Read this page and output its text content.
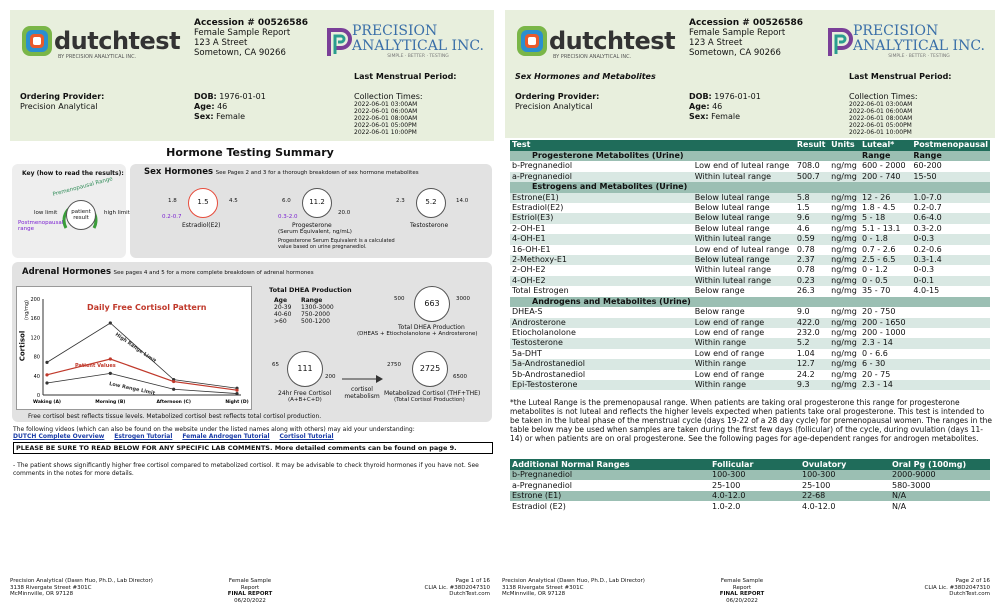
dutchtest
BY PRECISION ANALYTICAL INC.
Accession # 00526586
Female Sample Report
123 A Street
Sometown, CA 90266
PRECISION
ANALYTICAL INC.
SIMPLE · BETTER · TESTING
Last Menstrual Period:
Ordering Provider:
Precision Analytical
DOB: 1976-01-01
Age: 46
Sex: Female
Collection Times:
2022-06-01 03:00AM
2022-06-01 06:00AM
2022-06-01 08:00AM
2022-06-01 05:00PM
2022-06-01 10:00PM
Hormone Testing Summary
Key (how to read the results):
Premenopausal Range
patient result
low limit	high limit
Postmenopausal range
Sex Hormones See Pages 2 and 3 for a thorough breakdown of sex hormone metabolites
1.5
1.8	4.5
0.2-0.7
Estradiol(E2)
11.2
6.0
20.0
0.3-2.0
Progesterone
(Serum Equivalent, ng/mL)
Progesterone Serum Equivalent is a calculated value based on urine pregnanediol.
5.2
2.3	14.0
Testosterone
Adrenal Hormones See pages 4 and 5 for a more complete breakdown of adrenal hormones
Total DHEA Production
Age	Range
20-39	1300-3000
40-60	750-2000
>60	500-1200
663
500	3000
Total DHEA Production
(DHEAS + Etiocholanolone + Androsterone)
111
65
200
24hr Free Cortisol
(A+B+C+D)
cortisol metabolism
2725
2750
6500
Metabolized Cortisol (THF+THE)
(Total Cortisol Production)
Free cortisol best reflects tissue levels. Metabolized cortisol best reflects total cortisol production.
Daily Free Cortisol Pattern
Cortisol
(ng/mg)
200
160
120
80
40
0
Waking (A)	Morning (B)	Afternoon (C)	Night (D)
High Range Limit
Patient Values
Low Range Limit
The following videos (which can also be found on the website under the listed names along with others) may aid your understanding:
DUTCH Complete Overview Estrogen Tutorial Female Androgen Tutorial Cortisol Tutorial
PLEASE BE SURE TO READ BELOW FOR ANY SPECIFIC LAB COMMENTS. More detailed comments can be found on page 9.
- The patient shows significantly higher free cortisol compared to metabolized cortisol. It may be advisable to check thyroid hormones if you have not. See comments in the notes for more details.
Precision Analytical (Dawn Huo, Ph.D., Lab Director)
3138 Rivergate Street #301C
McMinnville, OR 97128
Female Sample Report
FINAL REPORT
06/20/2022
Page 1 of 16
CLIA Lic. #38D2047310
DutchTest.com
dutchtest
BY PRECISION ANALYTICAL INC.
Accession # 00526586
Female Sample Report
123 A Street
Sometown, CA 90266
PRECISION
ANALYTICAL INC.
SIMPLE · BETTER · TESTING
Sex Hormones and Metabolites	Last Menstrual Period:
Ordering Provider:
Precision Analytical
DOB: 1976-01-01
Age: 46
Sex: Female
Collection Times:
2022-06-01 03:00AM
2022-06-01 06:00AM
2022-06-01 08:00AM
2022-06-01 05:00PM
2022-06-01 10:00PM
Test		Result	Units	Luteal*	Postmenopausal
Progesterone Metabolites (Urine)				Range	Range
b-Pregnanediol	Low end of luteal range	708.0	ng/mg	600 - 2000	60-200
a-Pregnanediol	Within luteal range	500.7	ng/mg	200 - 740	15-50
Estrogens and Metabolites (Urine)					
Estrone(E1)	Below luteal range	5.8	ng/mg	12 - 26	1.0-7.0
Estradiol(E2)	Below luteal range	1.5	ng/mg	1.8 - 4.5	0.2-0.7
Estriol(E3)	Below luteal range	9.6	ng/mg	5 - 18	0.6-4.0
2-OH-E1	Below luteal range	4.6	ng/mg	5.1 - 13.1	0.3-2.0
4-OH-E1	Within luteal range	0.59	ng/mg	0 - 1.8	0-0.3
16-OH-E1	Low end of luteal range	0.78	ng/mg	0.7 - 2.6	0.2-0.6
2-Methoxy-E1	Below luteal range	2.37	ng/mg	2.5 - 6.5	0.3-1.4
2-OH-E2	Within luteal range	0.78	ng/mg	0 - 1.2	0-0.3
4-OH-E2	Within luteal range	0.23	ng/mg	0 - 0.5	0-0.1
Total Estrogen	Below range	26.3	ng/mg	35 - 70	4.0-15
Androgens and Metabolites (Urine)					
DHEA-S	Below range	9.0	ng/mg	20 - 750	
Androsterone	Low end of range	422.0	ng/mg	200 - 1650	
Etiocholanolone	Low end of range	232.0	ng/mg	200 - 1000	
Testosterone	Within range	5.2	ng/mg	2.3 - 14	
5a-DHT	Low end of range	1.04	ng/mg	0 - 6.6	
5a-Androstanediol	Within range	12.7	ng/mg	6 - 30	
5b-Androstanediol	Low end of range	24.2	ng/mg	20 - 75	
Epi-Testosterone	Within range	9.3	ng/mg	2.3 - 14	
*the Luteal Range is the premenopausal range. When patients are taking oral progesterone this range for progesterone metabolites is not luteal and reflects the higher levels expected when patients take oral progesterone. This test is intended to be taken in the luteal phase of the menstrual cycle (days 19-22 of a 28 day cycle) for premenopausal women. The ranges in the table below may be used when samples are taken during the first few days (follicular) of the cycle, during ovulation (days 11-14) or when patients are on oral progesterone. See the following pages for age-dependent ranges for androgen metabolites.
Additional Normal Ranges	Follicular	Ovulatory	Oral Pg (100mg)
b-Pregnanediol	100-300	100-300	2000-9000
a-Pregnanediol	25-100	25-100	580-3000
Estrone (E1)	4.0-12.0	22-68	N/A
Estradiol (E2)	1.0-2.0	4.0-12.0	N/A
Precision Analytical (Dawn Huo, Ph.D., Lab Director)
3138 Rivergate Street #301C
McMinnville, OR 97128
Female Sample Report
FINAL REPORT
06/20/2022
Page 2 of 16
CLIA Lic. #38D2047310
DutchTest.com
